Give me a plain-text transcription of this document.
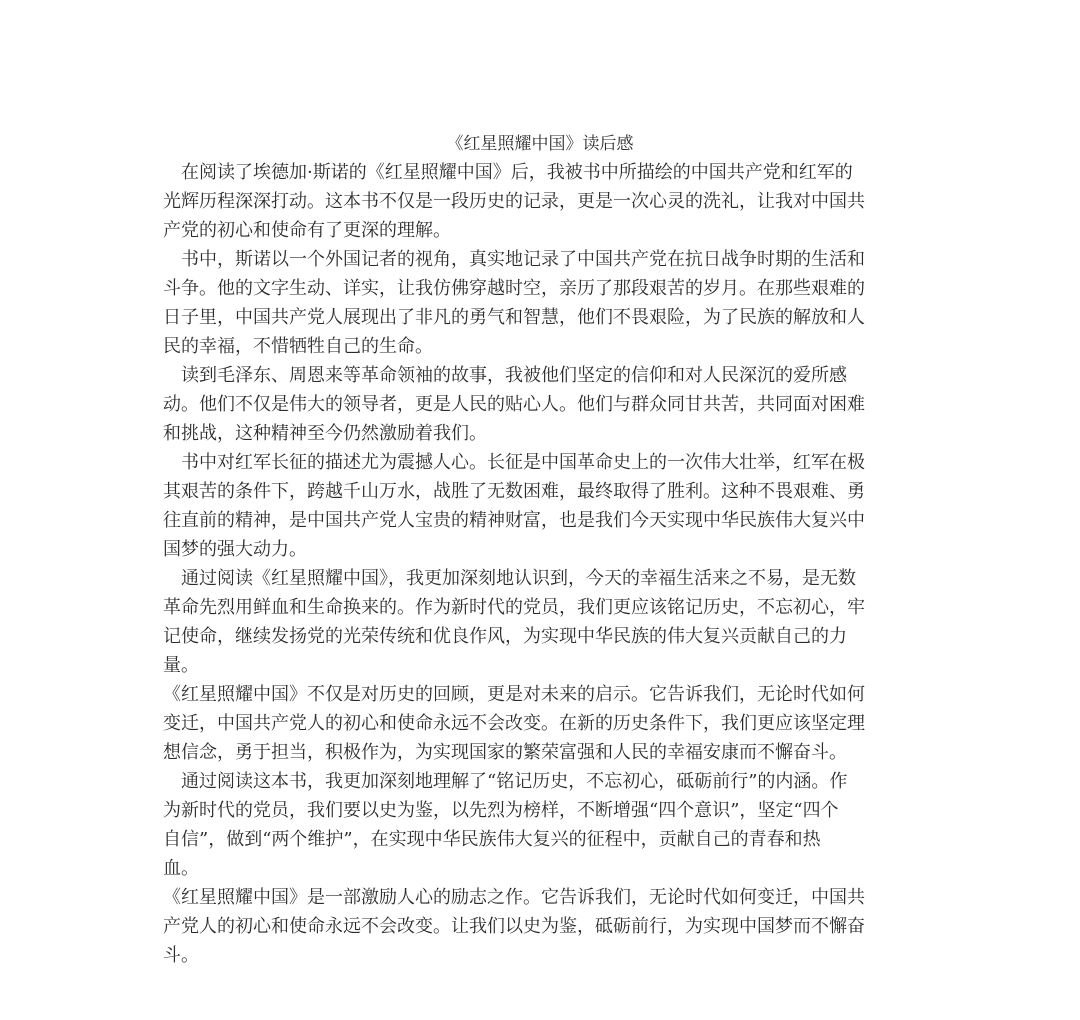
《红星照耀中国》读后感

　在阅读了埃德加·斯诺的《红星照耀中国》后，我被书中所描绘的中国共产党和红军的

光辉历程深深打动。这本书不仅是一段历史的记录，更是一次心灵的洗礼，让我对中国共

产党的初心和使命有了更深的理解。

　书中，斯诺以一个外国记者的视角，真实地记录了中国共产党在抗日战争时期的生活和

斗争。他的文字生动、详实，让我仿佛穿越时空，亲历了那段艰苦的岁月。在那些艰难的

日子里，中国共产党人展现出了非凡的勇气和智慧，他们不畏艰险，为了民族的解放和人

民的幸福，不惜牺牲自己的生命。

　读到毛泽东、周恩来等革命领袖的故事，我被他们坚定的信仰和对人民深沉的爱所感

动。他们不仅是伟大的领导者，更是人民的贴心人。他们与群众同甘共苦，共同面对困难

和挑战，这种精神至今仍然激励着我们。

　书中对红军长征的描述尤为震撼人心。长征是中国革命史上的一次伟大壮举，红军在极

其艰苦的条件下，跨越千山万水，战胜了无数困难，最终取得了胜利。这种不畏艰难、勇

往直前的精神，是中国共产党人宝贵的精神财富，也是我们今天实现中华民族伟大复兴中

国梦的强大动力。

　通过阅读《红星照耀中国》，我更加深刻地认识到，今天的幸福生活来之不易，是无数

革命先烈用鲜血和生命换来的。作为新时代的党员，我们更应该铭记历史，不忘初心，牢

记使命，继续发扬党的光荣传统和优良作风，为实现中华民族的伟大复兴贡献自己的力

量。

《红星照耀中国》不仅是对历史的回顾，更是对未来的启示。它告诉我们，无论时代如何

变迁，中国共产党人的初心和使命永远不会改变。在新的历史条件下，我们更应该坚定理

想信念，勇于担当，积极作为，为实现国家的繁荣富强和人民的幸福安康而不懈奋斗。

　通过阅读这本书，我更加深刻地理解了“铭记历史，不忘初心，砥砺前行”的内涵。作

为新时代的党员，我们要以史为鉴，以先烈为榜样，不断增强“四个意识”，坚定“四个

自信”，做到“两个维护”，在实现中华民族伟大复兴的征程中，贡献自己的青春和热

血。

《红星照耀中国》是一部激励人心的励志之作。它告诉我们，无论时代如何变迁，中国共

产党人的初心和使命永远不会改变。让我们以史为鉴，砥砺前行，为实现中国梦而不懈奋

斗。
